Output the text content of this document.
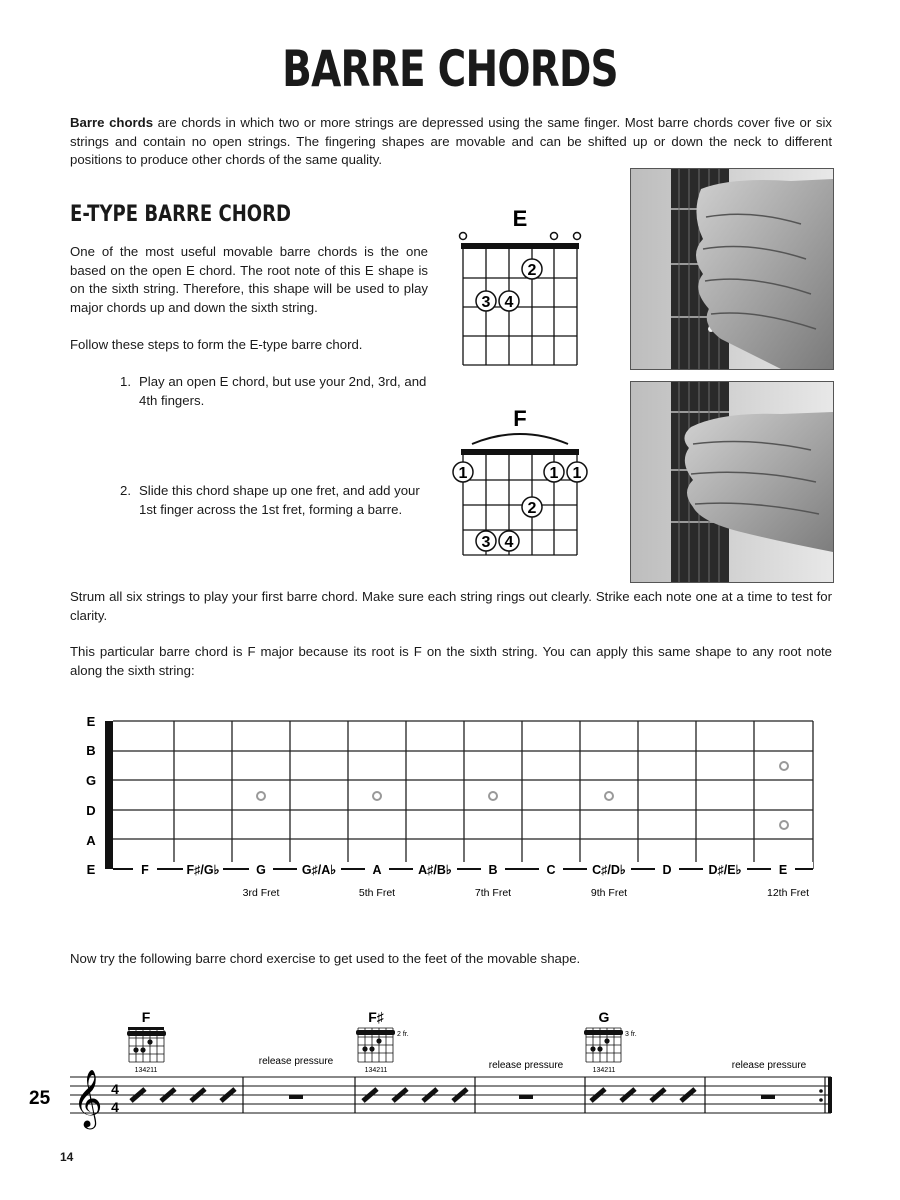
BARRE CHORDS
Barre chords are chords in which two or more strings are depressed using the same finger. Most barre chords cover five or six strings and contain no open strings. The fingering shapes are movable and can be shifted up or down the neck to different positions to produce other chords of the same quality.
E-TYPE BARRE CHORD
One of the most useful movable barre chords is the one based on the open E chord. The root note of this E shape is on the sixth string. Therefore, this shape will be used to play major chords up and down the sixth string.
Follow these steps to form the E-type barre chord.
1. Play an open E chord, but use your 2nd, 3rd, and 4th fingers.
2. Slide this chord shape up one fret, and add your 1st finger across the 1st fret, forming a barre.
E
2
3 4
F
1	1 1
2
3 4
Strum all six strings to play your first barre chord. Make sure each string rings out clearly. Strike each note one at a time to test for clarity.
This particular barre chord is F major because its root is F on the sixth string. You can apply this same shape to any root note along the sixth string:
E
B
G
D
A
E	F	F♯/G♭	G	G♯/A♭	A	A♯/B♭	B	C	C♯/D♭	D	D♯/E♭	E
3rd Fret	5th Fret	7th Fret	9th Fret	12th Fret
Now try the following barre chord exercise to get used to the feet of the movable shape.
F
134211
F♯
2 fr.
134211
G
3 fr.
134211
release pressure	release pressure	release pressure
25 𝄞 4
4
14
